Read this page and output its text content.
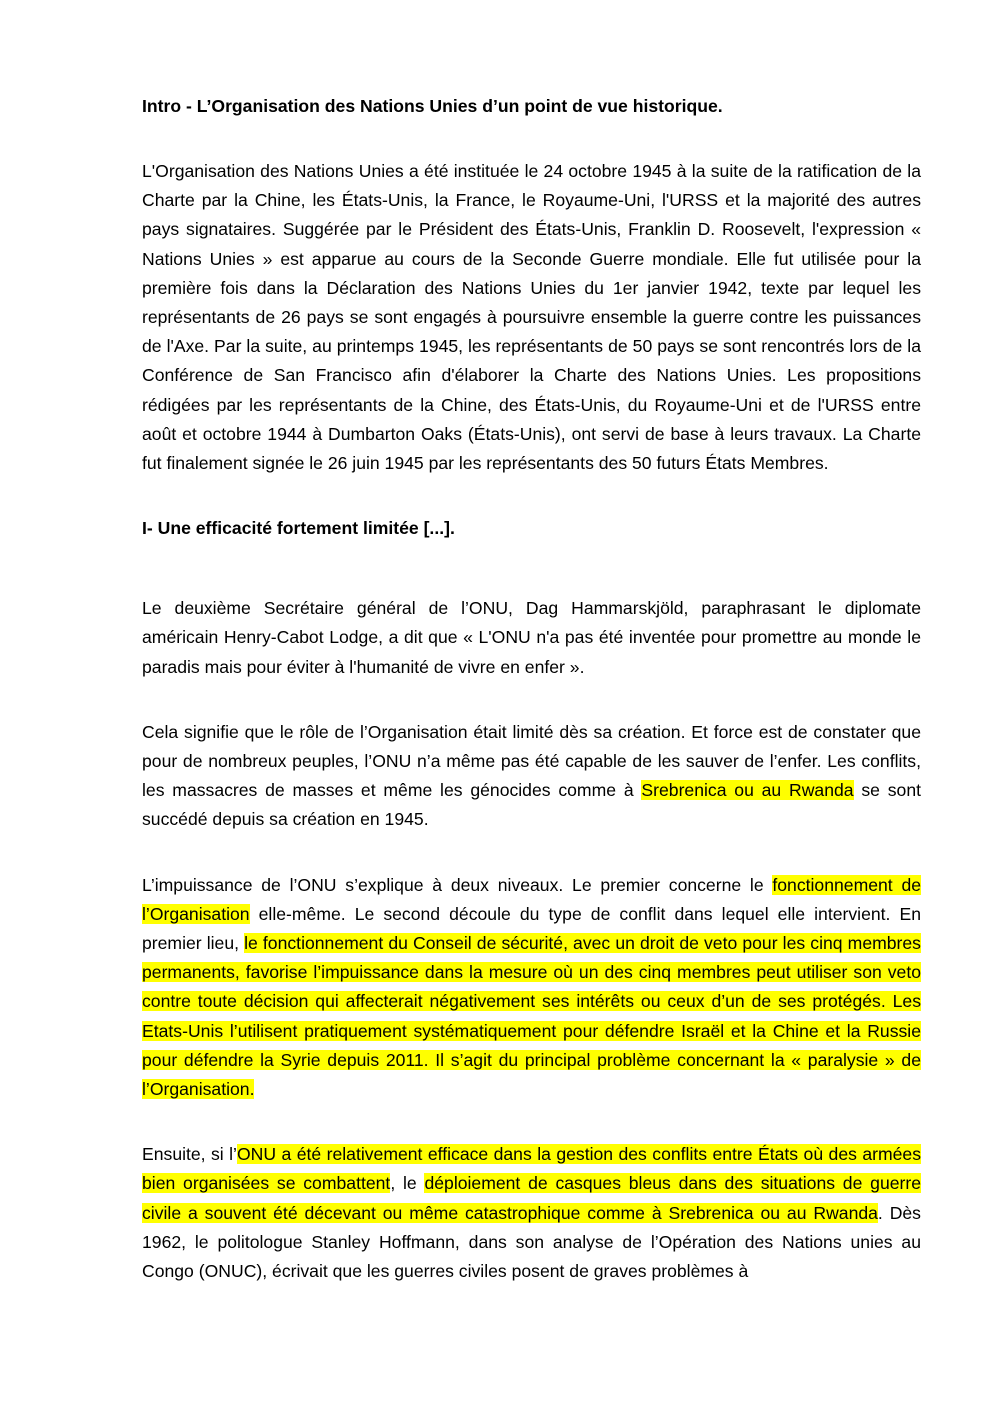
Intro - L’Organisation des Nations Unies d’un point de vue historique.

L'Organisation des Nations Unies a été instituée le 24 octobre 1945 à la suite de la ratification de la Charte par la Chine, les États-Unis, la France, le Royaume-Uni, l'URSS et la majorité des autres pays signataires. Suggérée par le Président des États-Unis, Franklin D. Roosevelt, l'expression « Nations Unies » est apparue au cours de la Seconde Guerre mondiale. Elle fut utilisée pour la première fois dans la Déclaration des Nations Unies du 1er janvier 1942, texte par lequel les représentants de 26 pays se sont engagés à poursuivre ensemble la guerre contre les puissances de l'Axe. Par la suite, au printemps 1945, les représentants de 50 pays se sont rencontrés lors de la Conférence de San Francisco afin d'élaborer la Charte des Nations Unies. Les propositions rédigées par les représentants de la Chine, des États-Unis, du Royaume-Uni et de l'URSS entre août et octobre 1944 à Dumbarton Oaks (États-Unis), ont servi de base à leurs travaux. La Charte fut finalement signée le 26 juin 1945 par les représentants des 50 futurs États Membres.

I- Une efficacité fortement limitée [...].

Le deuxième Secrétaire général de l’ONU, Dag Hammarskjöld, paraphrasant le diplomate américain Henry-Cabot Lodge, a dit que « L'ONU n'a pas été inventée pour promettre au monde le paradis mais pour éviter à l'humanité de vivre en enfer ».

Cela signifie que le rôle de l’Organisation était limité dès sa création. Et force est de constater que pour de nombreux peuples, l’ONU n’a même pas été capable de les sauver de l’enfer. Les conflits, les massacres de masses et même les génocides comme à Srebrenica ou au Rwanda se sont succédé depuis sa création en 1945.

L’impuissance de l’ONU s’explique à deux niveaux. Le premier concerne le fonctionnement de l’Organisation elle-même. Le second découle du type de conflit dans lequel elle intervient. En premier lieu, le fonctionnement du Conseil de sécurité, avec un droit de veto pour les cinq membres permanents, favorise l’impuissance dans la mesure où un des cinq membres peut utiliser son veto contre toute décision qui affecterait négativement ses intérêts ou ceux d’un de ses protégés. Les Etats-Unis l’utilisent pratiquement systématiquement pour défendre Israël et la Chine et la Russie pour défendre la Syrie depuis 2011. Il s’agit du principal problème concernant la « paralysie » de l’Organisation.

Ensuite, si l’ONU a été relativement efficace dans la gestion des conflits entre États où des armées bien organisées se combattent, le déploiement de casques bleus dans des situations de guerre civile a souvent été décevant ou même catastrophique comme à Srebrenica ou au Rwanda. Dès 1962, le politologue Stanley Hoffmann, dans son analyse de l’Opération des Nations unies au Congo (ONUC), écrivait que les guerres civiles posent de graves problèmes à
